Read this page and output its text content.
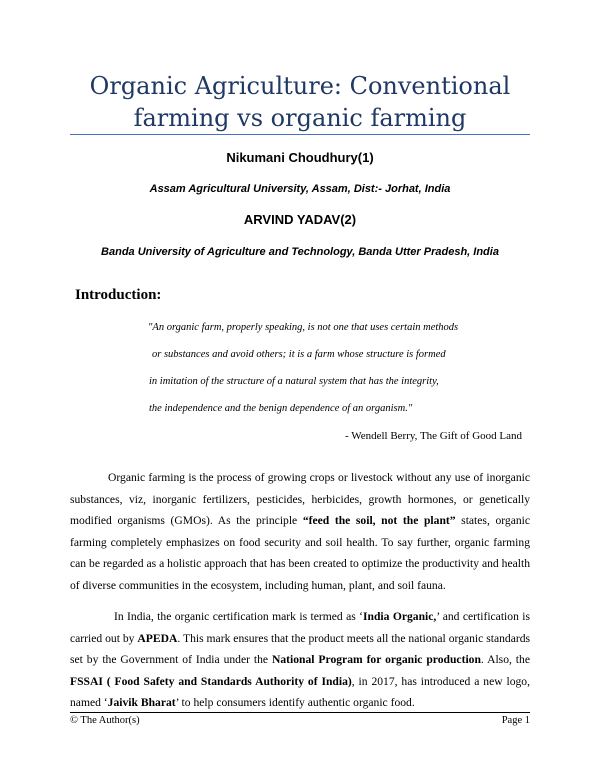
Organic Agriculture: Conventional farming vs organic farming
Nikumani Choudhury(1)
Assam Agricultural University, Assam, Dist:- Jorhat, India
ARVIND YADAV(2)
Banda University of Agriculture and Technology, Banda Utter Pradesh, India
Introduction:
"An organic farm, properly speaking, is not one that uses certain methods
or substances and avoid others; it is a farm whose structure is formed
in imitation of the structure of a natural system that has the integrity,
the independence and the benign dependence of an organism."
- Wendell Berry, The Gift of Good Land

Organic farming is the process of growing crops or livestock without any use of inorganic substances, viz, inorganic fertilizers, pesticides, herbicides, growth hormones, or genetically modified organisms (GMOs). As the principle “feed the soil, not the plant” states, organic farming completely emphasizes on food security and soil health. To say further, organic farming can be regarded as a holistic approach that has been created to optimize the productivity and health of diverse communities in the ecosystem, including human, plant, and soil fauna.

In India, the organic certification mark is termed as ‘India Organic,’ and certification is carried out by APEDA. This mark ensures that the product meets all the national organic standards set by the Government of India under the National Program for organic production. Also, the FSSAI ( Food Safety and Standards Authority of India), in 2017, has introduced a new logo, named ‘Jaivik Bharat’ to help consumers identify authentic organic food.

© The Author(s)	Page 1
